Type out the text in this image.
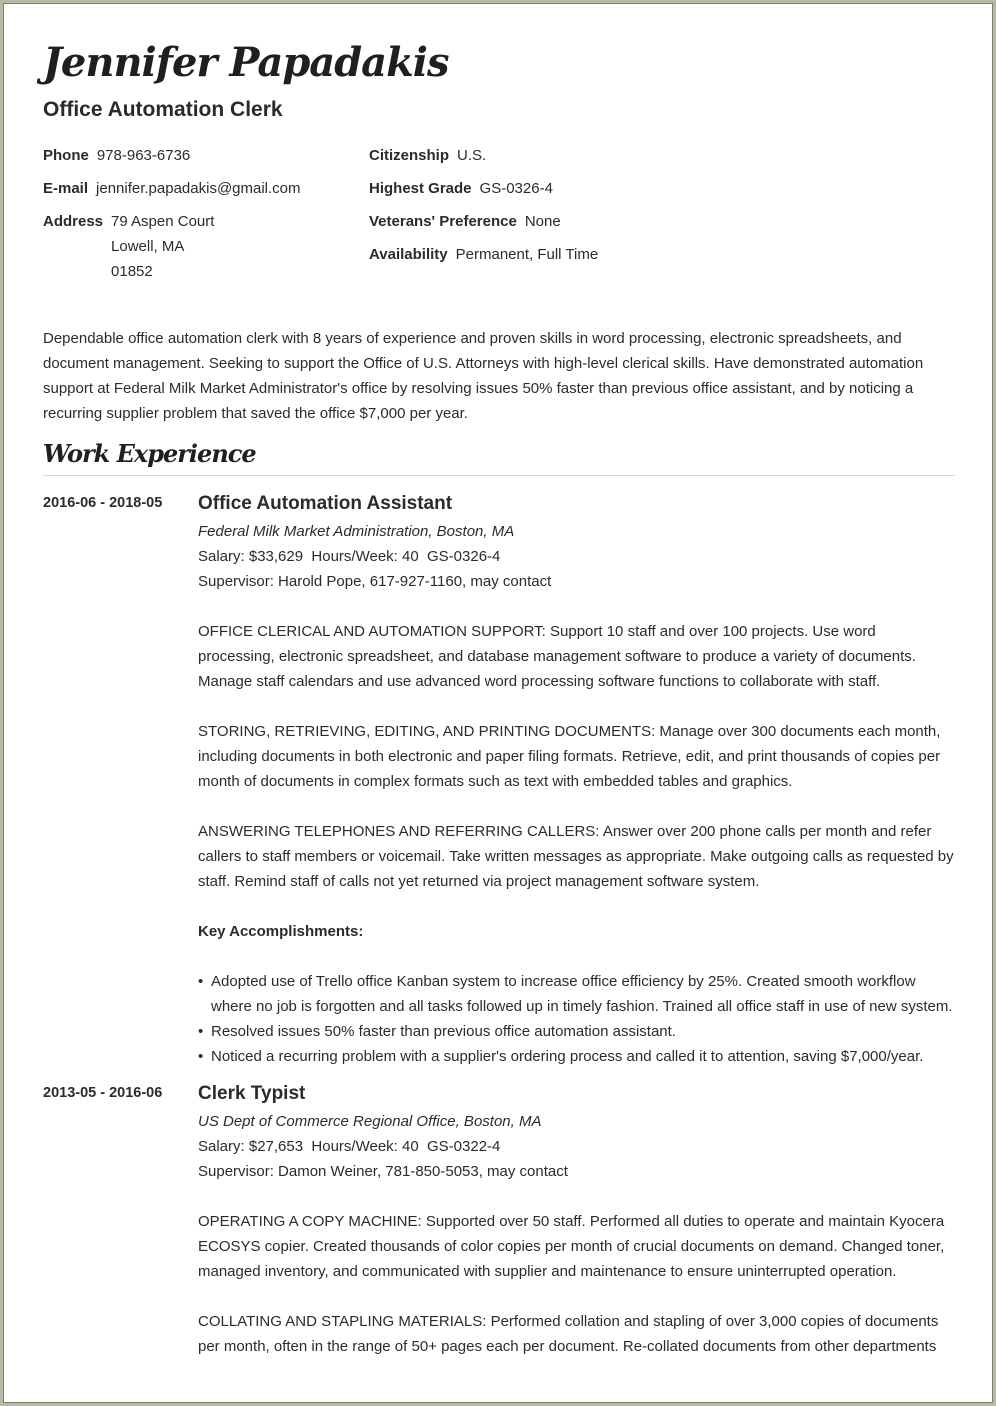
Jennifer Papadakis
Office Automation Clerk
Phone 978-963-6736
E-mail jennifer.papadakis@gmail.com
Address 79 Aspen Court
Lowell, MA
01852
Citizenship U.S.
Highest Grade GS-0326-4
Veterans' Preference None
Availability Permanent, Full Time

Dependable office automation clerk with 8 years of experience and proven skills in word processing, electronic spreadsheets, and document management. Seeking to support the Office of U.S. Attorneys with high-level clerical skills. Have demonstrated automation support at Federal Milk Market Administrator's office by resolving issues 50% faster than previous office assistant, and by noticing a recurring supplier problem that saved the office $7,000 per year.

Work Experience
2016-06 - 2018-05 Office Automation Assistant
Federal Milk Market Administration, Boston, MA
Salary: $33,629  Hours/Week: 40  GS-0326-4
Supervisor: Harold Pope, 617-927-1160, may contact

OFFICE CLERICAL AND AUTOMATION SUPPORT: Support 10 staff and over 100 projects. Use word processing, electronic spreadsheet, and database management software to produce a variety of documents. Manage staff calendars and use advanced word processing software functions to collaborate with staff.

STORING, RETRIEVING, EDITING, AND PRINTING DOCUMENTS: Manage over 300 documents each month, including documents in both electronic and paper filing formats. Retrieve, edit, and print thousands of copies per month of documents in complex formats such as text with embedded tables and graphics.

ANSWERING TELEPHONES AND REFERRING CALLERS: Answer over 200 phone calls per month and refer callers to staff members or voicemail. Take written messages as appropriate. Make outgoing calls as requested by staff. Remind staff of calls not yet returned via project management software system.

Key Accomplishments:
• Adopted use of Trello office Kanban system to increase office efficiency by 25%. Created smooth workflow where no job is forgotten and all tasks followed up in timely fashion. Trained all office staff in use of new system.
• Resolved issues 50% faster than previous office automation assistant.
• Noticed a recurring problem with a supplier's ordering process and called it to attention, saving $7,000/year.
2013-05 - 2016-06 Clerk Typist
US Dept of Commerce Regional Office, Boston, MA
Salary: $27,653  Hours/Week: 40  GS-0322-4
Supervisor: Damon Weiner, 781-850-5053, may contact

OPERATING A COPY MACHINE: Supported over 50 staff. Performed all duties to operate and maintain Kyocera ECOSYS copier. Created thousands of color copies per month of crucial documents on demand. Changed toner, managed inventory, and communicated with supplier and maintenance to ensure uninterrupted operation.

COLLATING AND STAPLING MATERIALS: Performed collation and stapling of over 3,000 copies of documents per month, often in the range of 50+ pages each per document. Re-collated documents from other departments
